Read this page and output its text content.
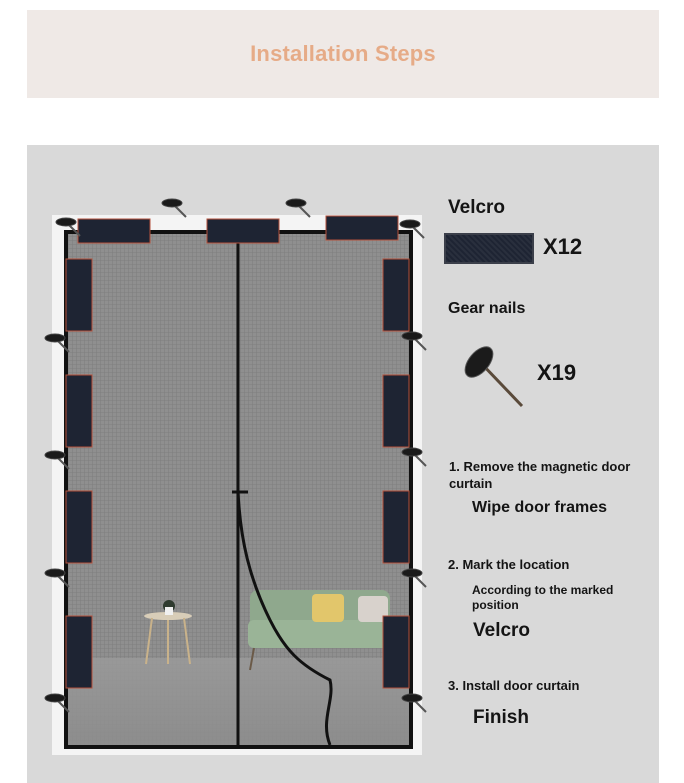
Installation Steps
Velcro
X12
Gear nails
X19
1. Remove the magnetic door curtain
Wipe door frames
2. Mark the location
According to the marked position
Velcro
3. Install door curtain
Finish
